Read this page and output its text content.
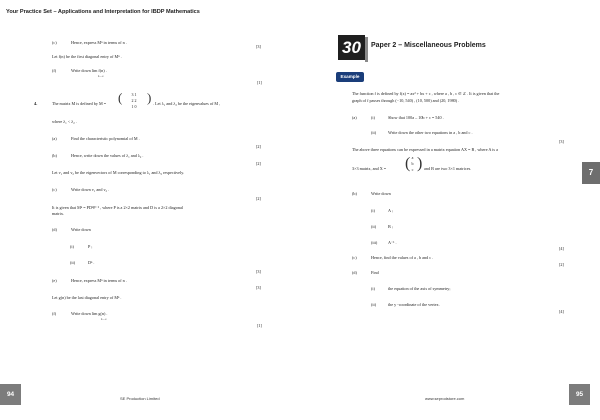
Your Practice Set – Applications and Interpretation for IBDP Mathematics
(c)	Hence, express Mⁿ in terms of n .
[3]
Let f(n) be the first diagonal entry of Mⁿ .
(f)	Write down lim f(n) .
n→∞
[1]
4.	The matrix M is defined by M = (	3 1
2 2
1 0
) . Let λ₁ and λ₂ be the eigenvalues of M ,
where λ₁ < λ₂ .
(a)	Find the characteristic polynomial of M .
[2]
(b)	Hence, write down the values of λ₁ and λ₂ .
[2]
Let v₁ and v₂ be the eigenvectors of M corresponding to λ₁ and λ₂ respectively.
(c)	Write down v₁ and v₂ .
[2]
It is given that Mⁿ = PDⁿP⁻¹ , where P is a 2×2 matrix and D is a 2×2 diagonal
matrix.
(d)	Write down
(i)	P ;
(ii)	Dⁿ .
[3]
(e)	Hence, express Mⁿ in terms of n .
[3]
Let g(n) be the last diagonal entry of Mⁿ .
(f)	Write down lim g(n) .
n→∞
[1]
94
SE Production Limited
30	Paper 2 – Miscellaneous Problems
Example
The function f is defined by f(x) = ax² + bx + c , where a , b , c ∈ ℤ . It is given that the
graph of f passes through (−10, 540) , (10, 500) and (20, 1980) .
(a)	(i)	Show that 100a – 10b + c = 540 .
(ii)	Write down the other two equations in a , b and c .
[3]
The above three equations can be expressed in a matrix equation AX = B , where A is a
3×3 matrix, and X = ( a
b
c ) and B are two 3×1 matrices.
(b)	Write down
(i)	A ;
(ii)	B ;
(iii)	A⁻¹ .
[4]
(c)	Hence, find the values of a , b and c .
[2]
(d)	Find
(i)	the equation of the axis of symmetry;
(ii)	the y -coordinate of the vertex.
[4]
7
95
www.seprodstore.com
